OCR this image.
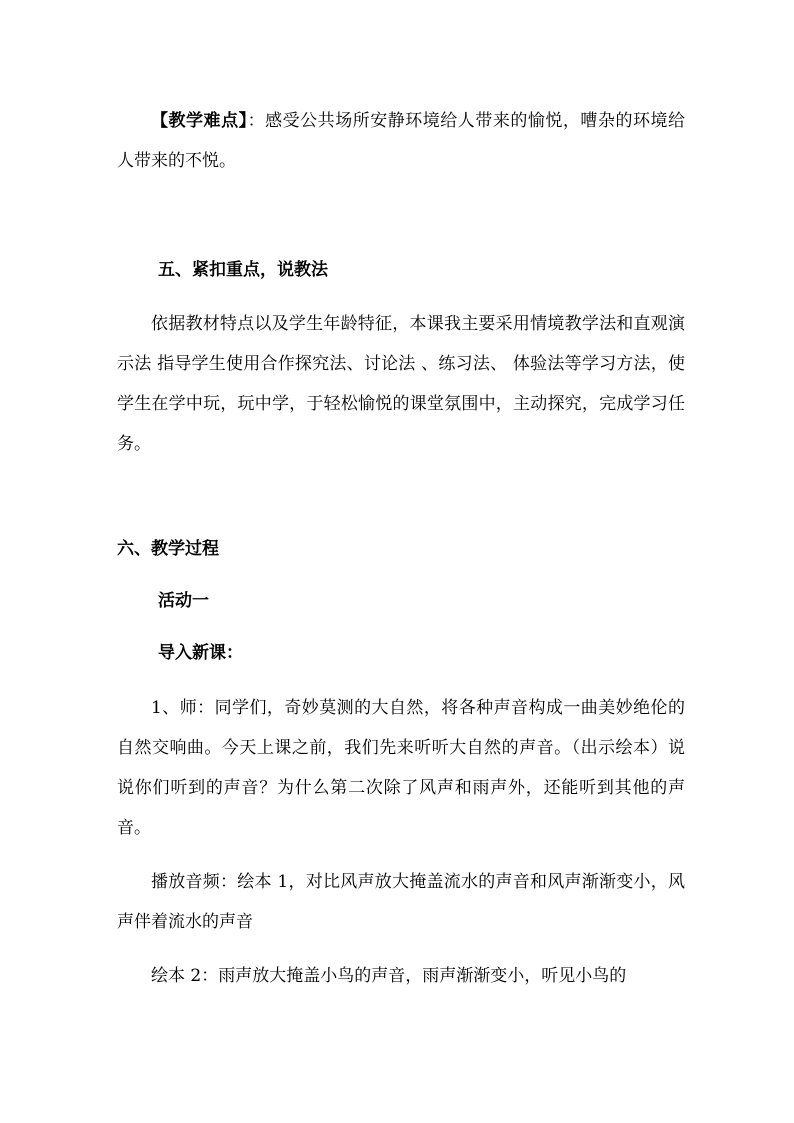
【教学难点】：感受公共场所安静环境给人带来的愉悦，嘈杂的环境给人带来的不悦。

五、紧扣重点，说教法

依据教材特点以及学生年龄特征，本课我主要采用情境教学法和直观演示法 指导学生使用合作探究法、讨论法 、练习法、 体验法等学习方法，使学生在学中玩，玩中学，于轻松愉悦的课堂氛围中，主动探究，完成学习任务。

六、教学过程

活动一

导入新课：

1、师：同学们，奇妙莫测的大自然，将各种声音构成一曲美妙绝伦的自然交响曲。今天上课之前，我们先来听听大自然的声音。（出示绘本）说说你们听到的声音？为什么第二次除了风声和雨声外，还能听到其他的声音。

播放音频：绘本 1，对比风声放大掩盖流水的声音和风声渐渐变小，风声伴着流水的声音

绘本 2：雨声放大掩盖小鸟的声音，雨声渐渐变小，听见小鸟的
